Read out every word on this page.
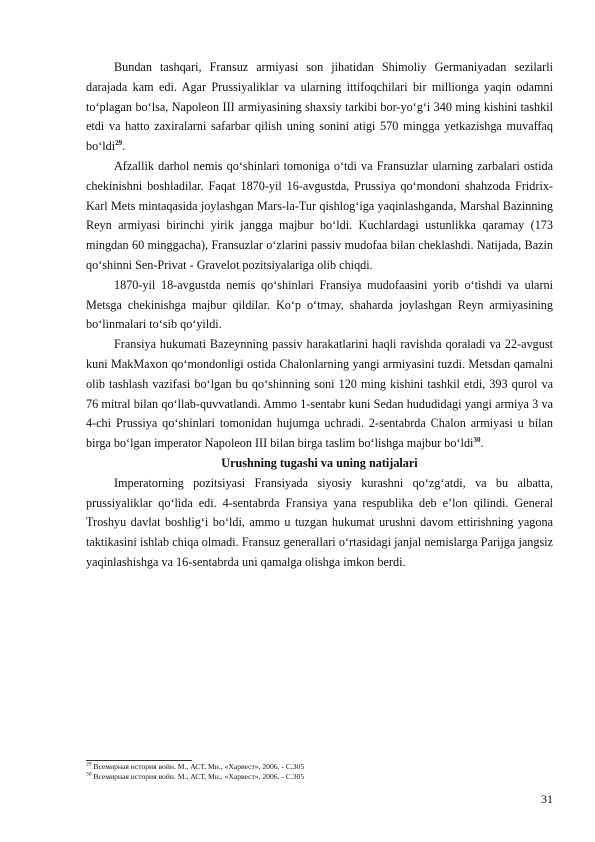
Bundan tashqari, Fransuz armiyasi son jihatidan Shimoliy Germaniyadan sezilarli darajada kam edi. Agar Prussiyaliklar va ularning ittifoqchilari bir millionga yaqin odamni to‘plagan bo‘lsa, Napoleon III armiyasining shaxsiy tarkibi bor-yo‘g‘i 340 ming kishini tashkil etdi va hatto zaxiralarni safarbar qilish uning sonini atigi 570 mingga yetkazishga muvaffaq bo‘ldi$^{29}$.

Afzallik darhol nemis qo‘shinlari tomoniga o‘tdi va Fransuzlar ularning zarbalari ostida chekinishni boshladilar. Faqat 1870-yil 16-avgustda, Prussiya qo‘mondoni shahzoda Fridrix-Karl Mets mintaqasida joylashgan Mars-la-Tur qishlog‘iga yaqinlashganda, Marshal Bazinning Reyn armiyasi birinchi yirik jangga majbur bo‘ldi. Kuchlardagi ustunlikka qaramay (173 mingdan 60 minggacha), Fransuzlar o‘zlarini passiv mudofaa bilan cheklashdi. Natijada, Bazin qo‘shinni Sen-Privat - Gravelot pozitsiyalariga olib chiqdi.

1870-yil 18-avgustda nemis qo‘shinlari Fransiya mudofaasini yorib o‘tishdi va ularni Metsga chekinishga majbur qildilar. Ko‘p o‘tmay, shaharda joylashgan Reyn armiyasining bo‘linmalari to‘sib qo‘yildi.

Fransiya hukumati Bazeynning passiv harakatlarini haqli ravishda qoraladi va 22-avgust kuni MakMaxon qo‘mondonligi ostida Chalonlarning yangi armiyasini tuzdi. Metsdan qamalni olib tashlash vazifasi bo‘lgan bu qo‘shinning soni 120 ming kishini tashkil etdi, 393 qurol va 76 mitral bilan qo‘llab-quvvatlandi. Ammo 1-sentabr kuni Sedan hududidagi yangi armiya 3 va 4-chi Prussiya qo‘shinlari tomonidan hujumga uchradi. 2-sentabrda Chalon armiyasi u bilan birga bo‘lgan imperator Napoleon III bilan birga taslim bo‘lishga majbur bo‘ldi$^{30}$.

Urushning tugashi va uning natijalari

Imperatorning pozitsiyasi Fransiyada siyosiy kurashni qo‘zg‘atdi, va bu albatta, prussiyaliklar qo‘lida edi. 4-sentabrda Fransiya yana respublika deb e’lon qilindi. General Troshyu davlat boshlig‘i bo‘ldi, ammo u tuzgan hukumat urushni davom ettirishning yagona taktikasini ishlab chiqa olmadi. Fransuz generallari o‘rtasidagi janjal nemislarga Parijga jangsiz yaqinlashishga va 16-sentabrda uni qamalga olishga imkon berdi.

$^{29}$ Всемирная история войн. М., АСТ, Мн., «Харвест», 2006. - С.305
$^{30}$ Всемирная история войн. М., АСТ, Мн., «Харвест», 2006. - С.305
31
